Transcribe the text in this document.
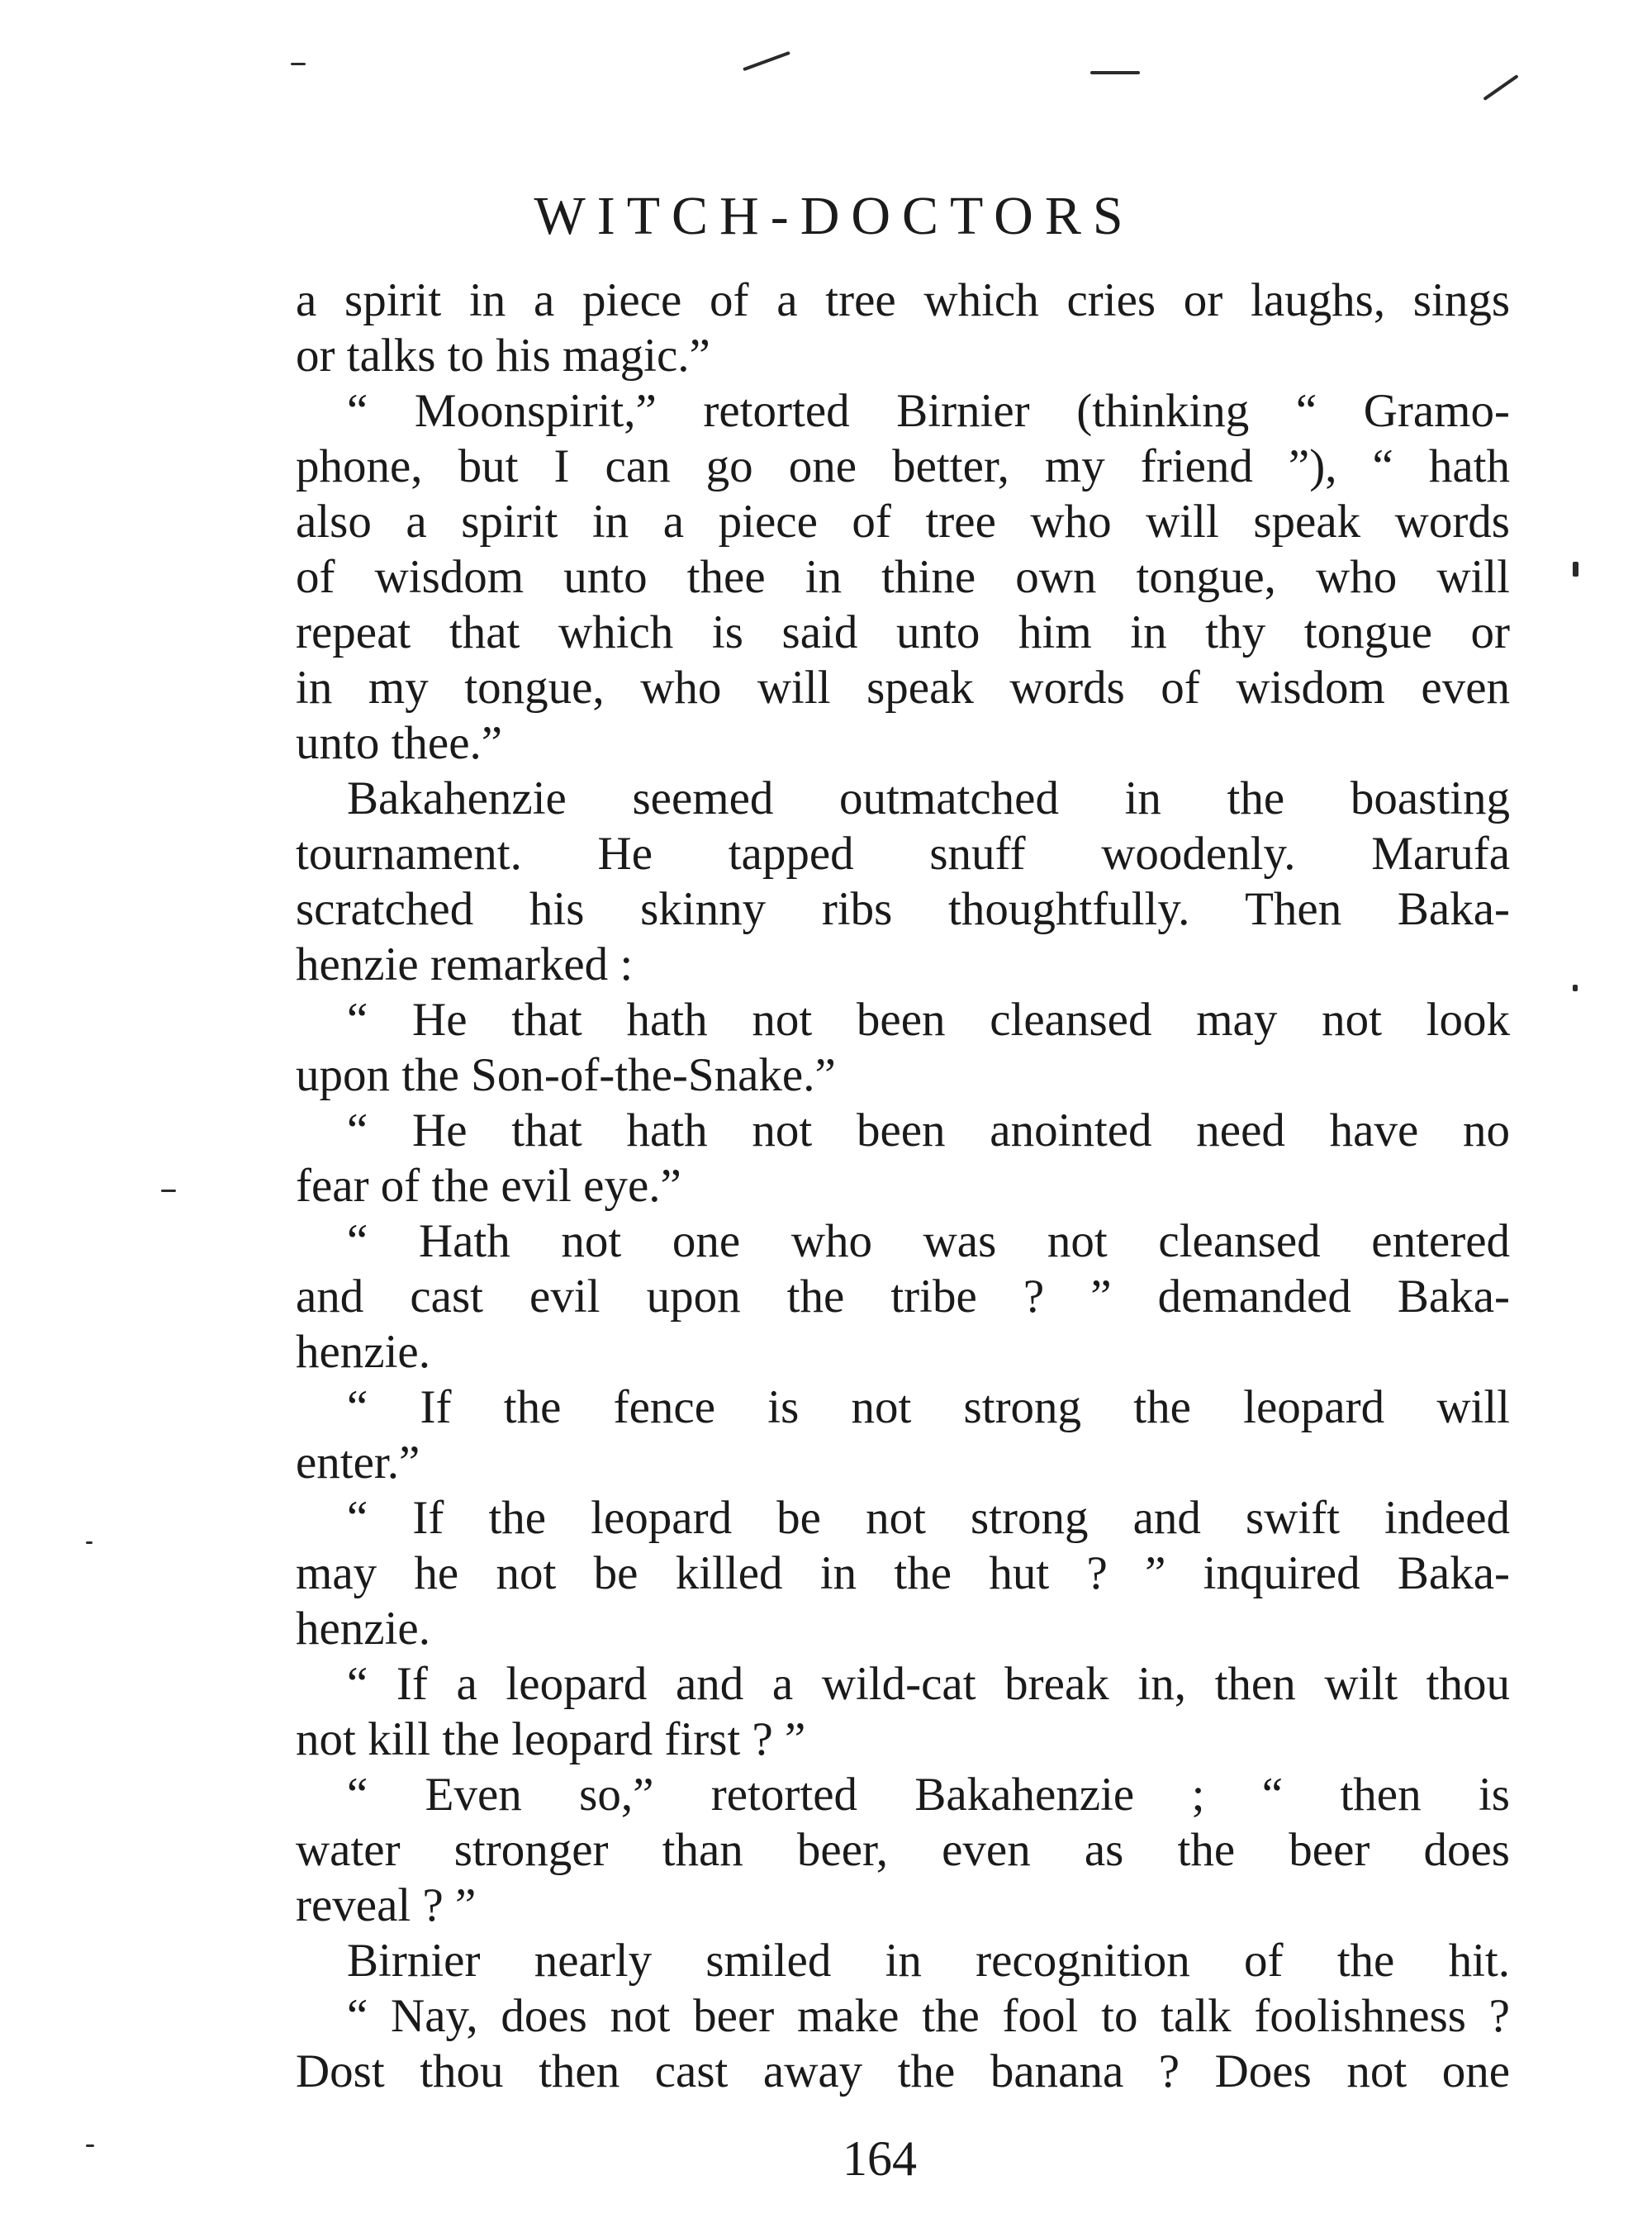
WITCH-DOCTORS
a spirit in a piece of a tree which cries or laughs, sings
or talks to his magic.”
“ Moonspirit,” retorted Birnier (thinking “ Gramo-
phone, but I can go one better, my friend ”), “ hath
also a spirit in a piece of tree who will speak words
of wisdom unto thee in thine own tongue, who will
repeat that which is said unto him in thy tongue or
in my tongue, who will speak words of wisdom even
unto thee.”
Bakahenzie seemed outmatched in the boasting
tournament. He tapped snuff woodenly. Marufa
scratched his skinny ribs thoughtfully. Then Baka-
henzie remarked :
“ He that hath not been cleansed may not look
upon the Son-of-the-Snake.”
“ He that hath not been anointed need have no
fear of the evil eye.”
“ Hath not one who was not cleansed entered
and cast evil upon the tribe ? ” demanded Baka-
henzie.
“ If the fence is not strong the leopard will
enter.”
“ If the leopard be not strong and swift indeed
may he not be killed in the hut ? ” inquired Baka-
henzie.
“ If a leopard and a wild-cat break in, then wilt thou
not kill the leopard first ? ”
“ Even so,” retorted Bakahenzie ; “ then is
water stronger than beer, even as the beer does
reveal ? ”
Birnier nearly smiled in recognition of the hit.
“ Nay, does not beer make the fool to talk foolishness ?
Dost thou then cast away the banana ? Does not one
164
